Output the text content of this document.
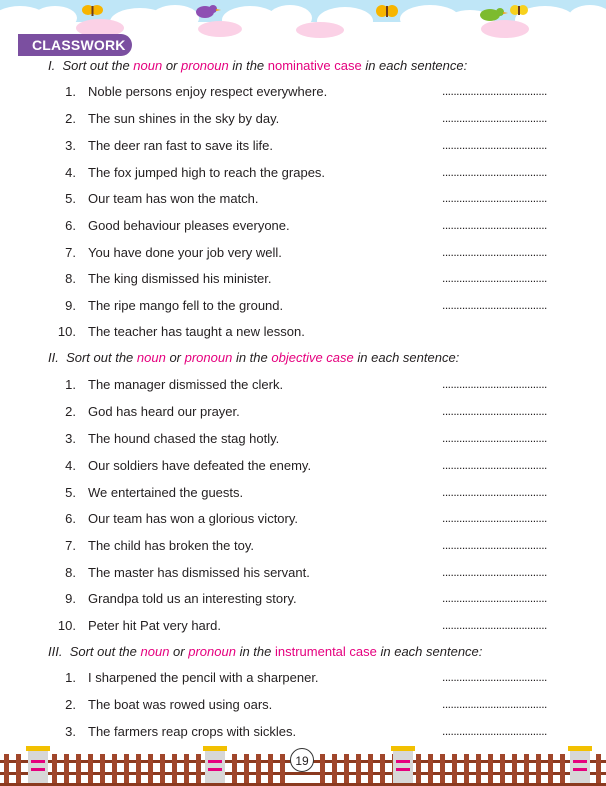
CLASSWORK
I. Sort out the noun or pronoun in the nominative case in each sentence:
1. Noble persons enjoy respect everywhere.	.....................................
2. The sun shines in the sky by day.	.....................................
3. The deer ran fast to save its life.	.....................................
4. The fox jumped high to reach the grapes.	.....................................
5. Our team has won the match.	.....................................
6. Good behaviour pleases everyone.	.....................................
7. You have done your job very well.	.....................................
8. The king dismissed his minister.	.....................................
9. The ripe mango fell to the ground.	.....................................
10. The teacher has taught a new lesson.
II. Sort out the noun or pronoun in the objective case in each sentence:
1. The manager dismissed the clerk.	.....................................
2. God has heard our prayer.	.....................................
3. The hound chased the stag hotly.	.....................................
4. Our soldiers have defeated the enemy.	.....................................
5. We entertained the guests.	.....................................
6. Our team has won a glorious victory.	.....................................
7. The child has broken the toy.	.....................................
8. The master has dismissed his servant.	.....................................
9. Grandpa told us an interesting story.	.....................................
10. Peter hit Pat very hard.	.....................................
III. Sort out the noun or pronoun in the instrumental case in each sentence:
1. I sharpened the pencil with a sharpener.	.....................................
2. The boat was rowed using oars.	.....................................
3. The farmers reap crops with sickles.	.....................................
19
